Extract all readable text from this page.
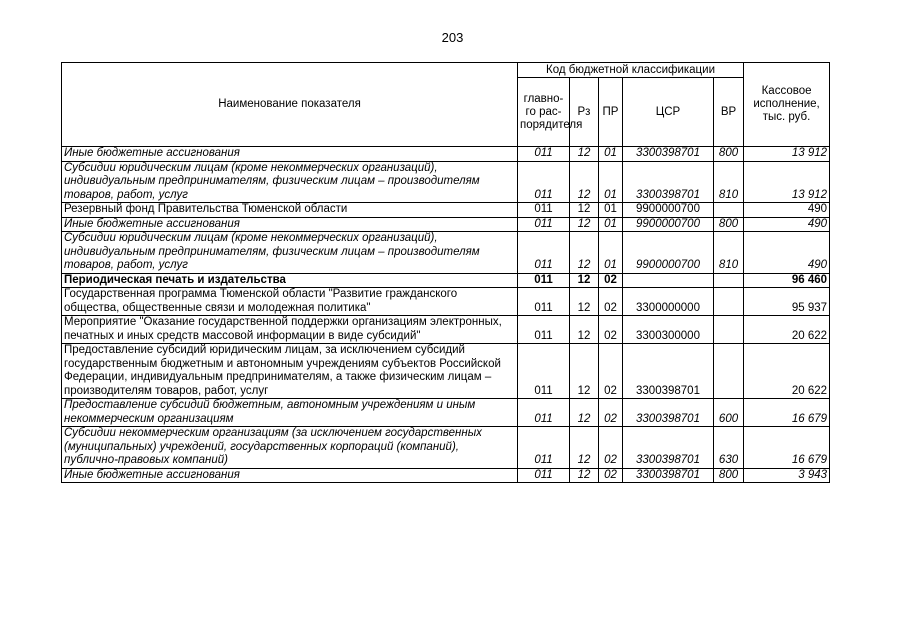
203
Наименование показателя	Код бюджетной классификации					Кассовое исполнение, тыс. руб.
	главно-го рас-порядителя	Рз	ПР	ЦСР	ВР	
Иные бюджетные ассигнования	011	12	01	3300398701	800	13 912
Субсидии юридическим лицам (кроме некоммерческих организаций), индивидуальным предпринимателям, физическим лицам – производителям товаров, работ, услуг	011	12	01	3300398701	810	13 912
Резервный фонд Правительства Тюменской области	011	12	01	9900000700		490
Иные бюджетные ассигнования	011	12	01	9900000700	800	490
Субсидии юридическим лицам (кроме некоммерческих организаций), индивидуальным предпринимателям, физическим лицам – производителям товаров, работ, услуг	011	12	01	9900000700	810	490
Периодическая печать и издательства	011	12	02			96 460
Государственная программа Тюменской области "Развитие гражданского общества, общественные связи и молодежная политика"	011	12	02	3300000000		95 937
Мероприятие "Оказание государственной поддержки организациям электронных, печатных и иных средств массовой информации в виде субсидий"	011	12	02	3300300000		20 622
Предоставление субсидий юридическим лицам, за исключением субсидий государственным бюджетным и автономным учреждениям субъектов Российской Федерации, индивидуальным предпринимателям, а также физическим лицам – производителям товаров, работ, услуг	011	12	02	3300398701		20 622
Предоставление субсидий бюджетным, автономным учреждениям и иным некоммерческим организациям	011	12	02	3300398701	600	16 679
Субсидии некоммерческим организациям (за исключением государственных (муниципальных) учреждений, государственных корпораций (компаний), публично-правовых компаний)	011	12	02	3300398701	630	16 679
Иные бюджетные ассигнования	011	12	02	3300398701	800	3 943
